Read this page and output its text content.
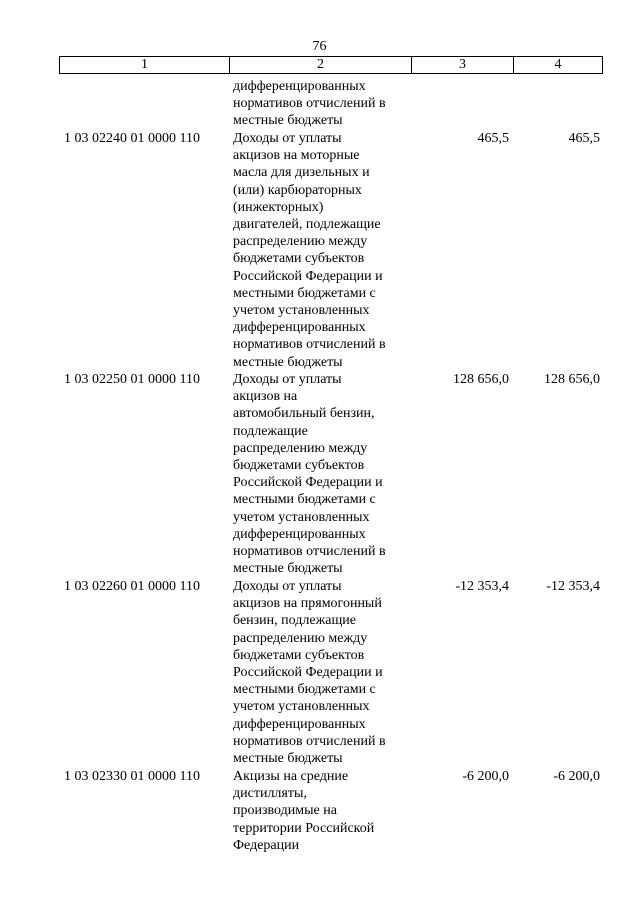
76
1	2	3	4
дифференцированных
нормативов отчислений в
местные бюджеты
1 03 02240 01 0000 110 Доходы от уплаты
акцизов на моторные
масла для дизельных и
(или) карбюраторных
(инжекторных)
двигателей, подлежащие
распределению между
бюджетами субъектов
Российской Федерации и
местными бюджетами с
учетом установленных
дифференцированных
нормативов отчислений в
местные бюджеты
465,5	465,5
1 03 02250 01 0000 110 Доходы от уплаты
акцизов на
автомобильный бензин,
подлежащие
распределению между
бюджетами субъектов
Российской Федерации и
местными бюджетами с
учетом установленных
дифференцированных
нормативов отчислений в
местные бюджеты
128 656,0	128 656,0
1 03 02260 01 0000 110 Доходы от уплаты
акцизов на прямогонный
бензин, подлежащие
распределению между
бюджетами субъектов
Российской Федерации и
местными бюджетами с
учетом установленных
дифференцированных
нормативов отчислений в
местные бюджеты
-12 353,4	-12 353,4
1 03 02330 01 0000 110 Акцизы на средние
дистилляты,
производимые на
территории Российской
Федерации
-6 200,0	-6 200,0
